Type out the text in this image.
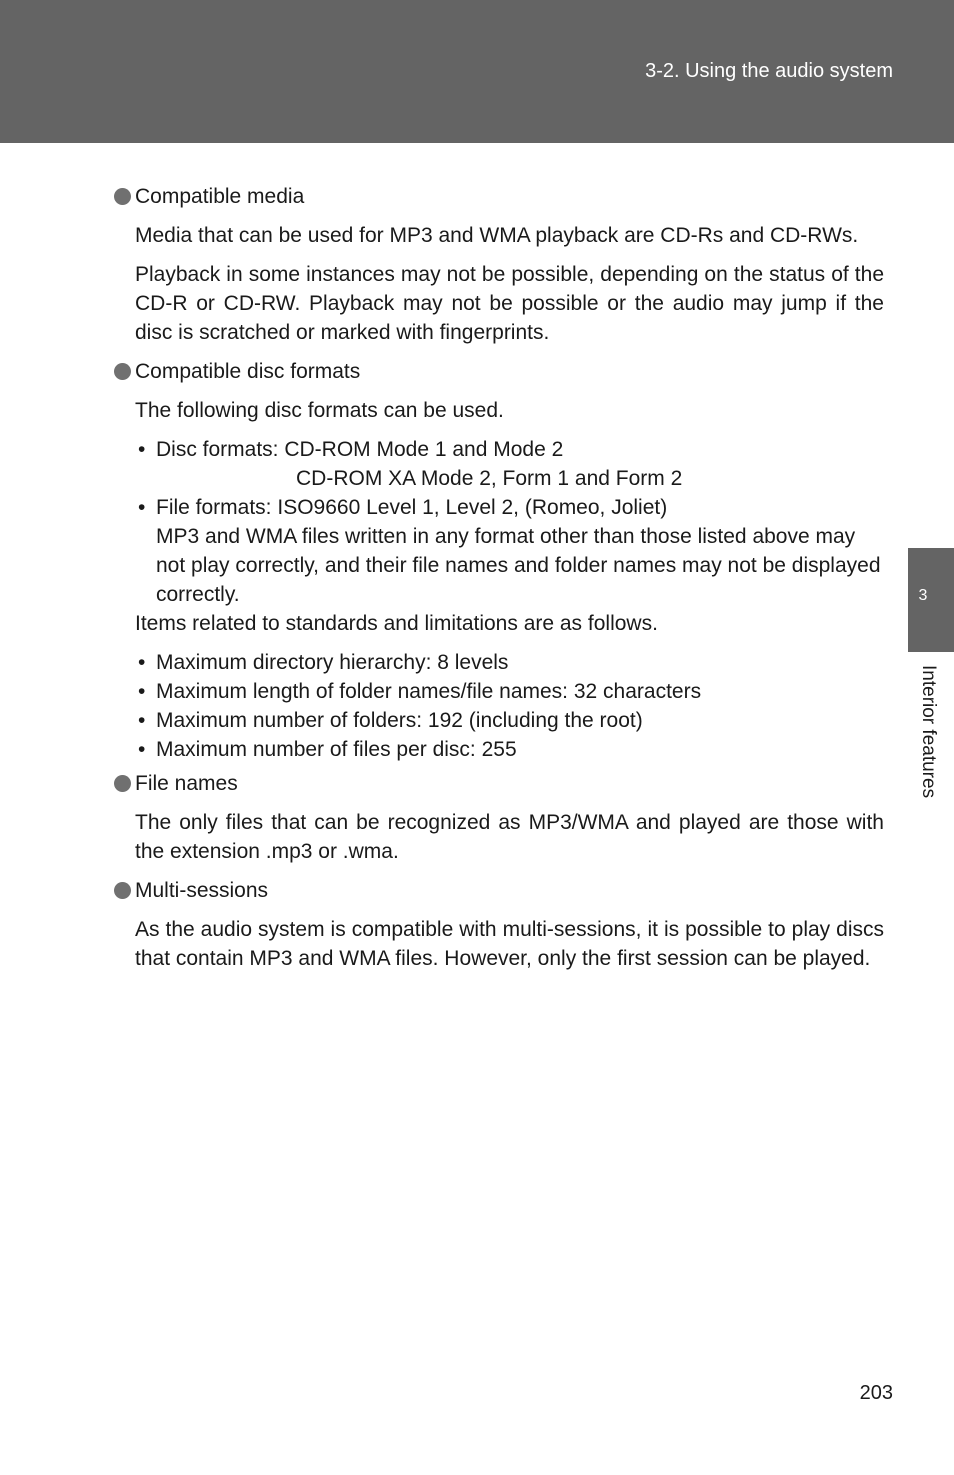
3-2. Using the audio system
3
Interior features
Compatible media
Media that can be used for MP3 and WMA playback are CD-Rs and CD-RWs.
Playback in some instances may not be possible, depending on the status of the CD-R or CD-RW. Playback may not be possible or the audio may jump if the disc is scratched or marked with fingerprints.
Compatible disc formats
The following disc formats can be used.
• Disc formats: CD-ROM Mode 1 and Mode 2
CD-ROM XA Mode 2, Form 1 and Form 2
• File formats: ISO9660 Level 1, Level 2, (Romeo, Joliet)
MP3 and WMA files written in any format other than those listed above may not play correctly, and their file names and folder names may not be displayed correctly.
Items related to standards and limitations are as follows.
• Maximum directory hierarchy: 8 levels
• Maximum length of folder names/file names: 32 characters
• Maximum number of folders: 192 (including the root)
• Maximum number of files per disc: 255
File names
The only files that can be recognized as MP3/WMA and played are those with the extension .mp3 or .wma.
Multi-sessions
As the audio system is compatible with multi-sessions, it is possible to play discs that contain MP3 and WMA files. However, only the first session can be played.
203
